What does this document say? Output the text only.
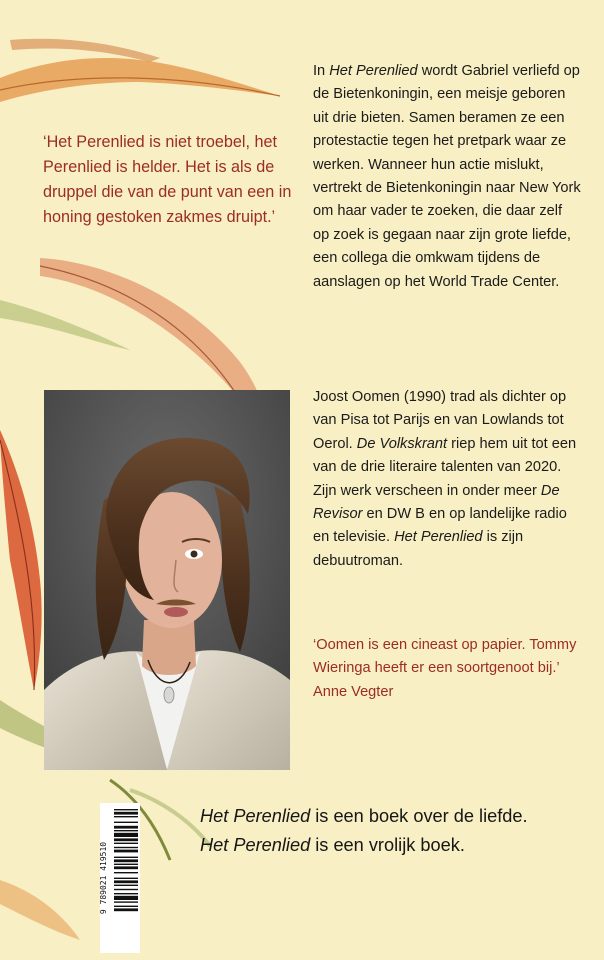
‘Het Perenlied is niet troebel, het Perenlied is helder. Het is als de druppel die van de punt van een in honing gestoken zakmes druipt.’

In Het Perenlied wordt Gabriel verliefd op de Bietenkoningin, een meisje geboren uit drie bieten. Samen beramen ze een protestactie tegen het pretpark waar ze werken. Wanneer hun actie mislukt, vertrekt de Bietenkoningin naar New York om haar vader te zoeken, die daar zelf op zoek is gegaan naar zijn grote liefde, een collega die omkwam tijdens de aanslagen op het World Trade Center.

Joost Oomen (1990) trad als dichter op van Pisa tot Parijs en van Lowlands tot Oerol. De Volkskrant riep hem uit tot een van de drie literaire talenten van 2020. Zijn werk verscheen in onder meer De Revisor en DW B en op landelijke radio en televisie. Het Perenlied is zijn debuutroman.

‘Oomen is een cineast op papier. Tommy Wieringa heeft er een soortgenoot bij.’ Anne Vegter

9 789021 419510

Het Perenlied is een boek over de liefde.
Het Perenlied is een vrolijk boek.
